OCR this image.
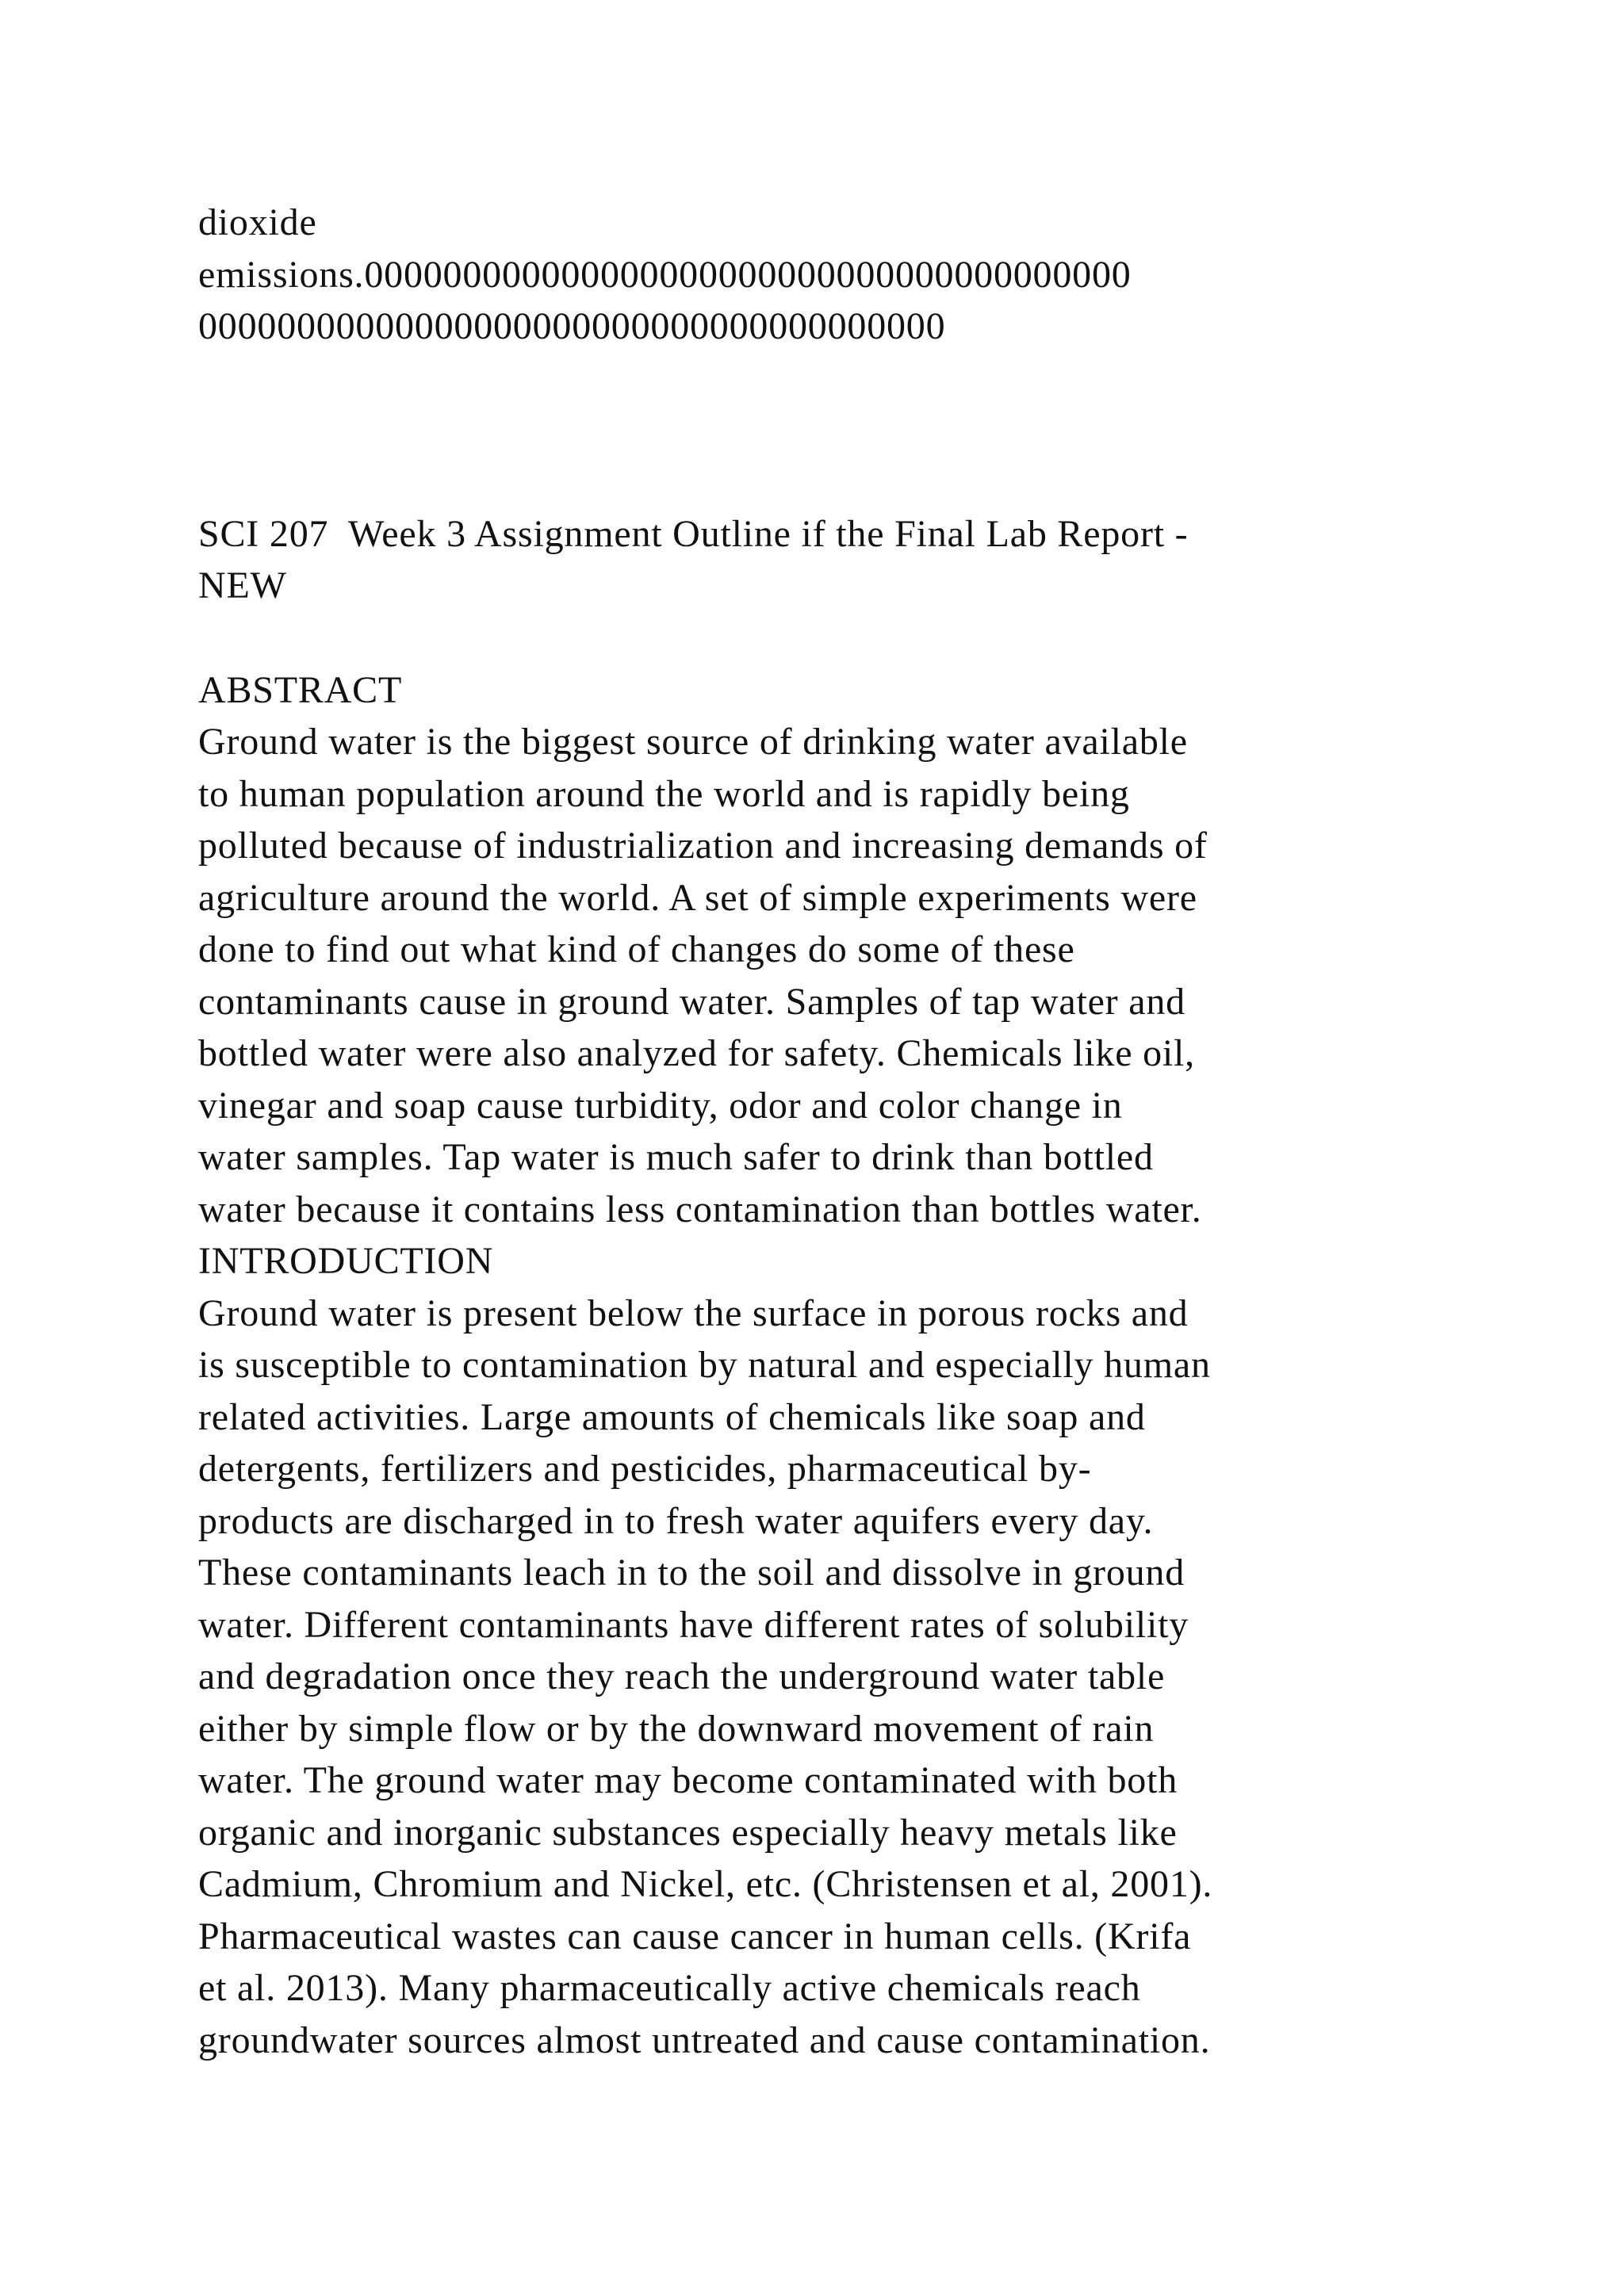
dioxide
emissions.000000000000000000000000000000000000000
00000000000000000000000000000000000000
SCI 207  Week 3 Assignment Outline if the Final Lab Report -
NEW
ABSTRACT
Ground water is the biggest source of drinking water available
to human population around the world and is rapidly being
polluted because of industrialization and increasing demands of
agriculture around the world. A set of simple experiments were
done to find out what kind of changes do some of these
contaminants cause in ground water. Samples of tap water and
bottled water were also analyzed for safety. Chemicals like oil,
vinegar and soap cause turbidity, odor and color change in
water samples. Tap water is much safer to drink than bottled
water because it contains less contamination than bottles water.
INTRODUCTION
Ground water is present below the surface in porous rocks and
is susceptible to contamination by natural and especially human
related activities. Large amounts of chemicals like soap and
detergents, fertilizers and pesticides, pharmaceutical by-
products are discharged in to fresh water aquifers every day.
These contaminants leach in to the soil and dissolve in ground
water. Different contaminants have different rates of solubility
and degradation once they reach the underground water table
either by simple flow or by the downward movement of rain
water. The ground water may become contaminated with both
organic and inorganic substances especially heavy metals like
Cadmium, Chromium and Nickel, etc. (Christensen et al, 2001).
Pharmaceutical wastes can cause cancer in human cells. (Krifa
et al. 2013). Many pharmaceutically active chemicals reach
groundwater sources almost untreated and cause contamination.
